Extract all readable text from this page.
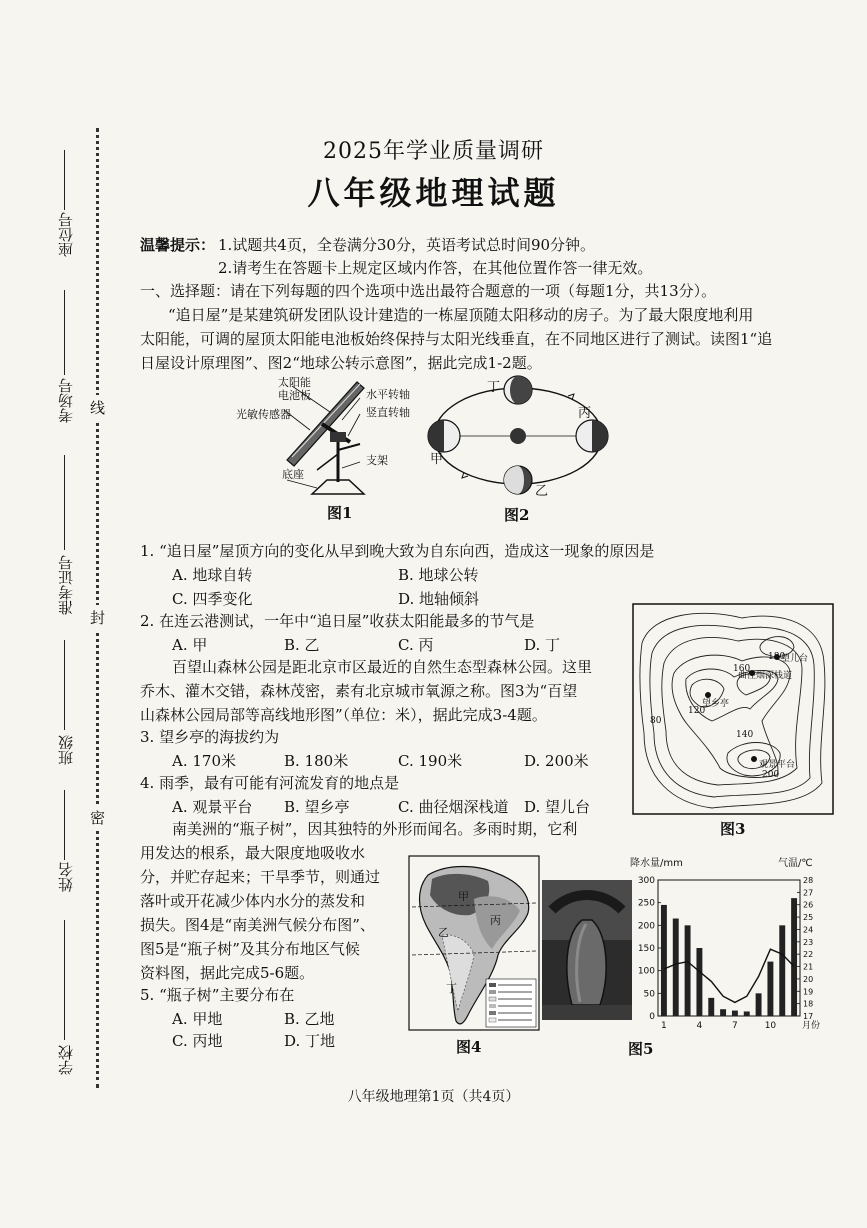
线
封
密
座位号
考场号
准考证号
班级
姓名
学校
2025年学业质量调研
八年级地理试题
温馨提示： 1.试题共4页，全卷满分30分，英语考试总时间90分钟。
2.请考生在答题卡上规定区域内作答，在其他位置作答一律无效。
一、选择题：请在下列每题的四个选项中选出最符合题意的一项（每题1分，共13分）。
“追日屋”是某建筑研发团队设计建造的一栋屋顶随太阳移动的房子。为了最大限度地利用
太阳能，可调的屋顶太阳能电池板始终保持与太阳光线垂直，在不同地区进行了测试。读图1“追
日屋设计原理图”、图2“地球公转示意图”，据此完成1-2题。
太阳能
电池板
光敏传感器
水平转轴
竖直转轴
支架
底座
图1
甲
乙
丙
丁
图2
1. “追日屋”屋顶方向的变化从早到晚大致为自东向西，造成这一现象的原因是
A. 地球自转	B. 地球公转
C. 四季变化	D. 地轴倾斜
2. 在连云港测试，一年中“追日屋”收获太阳能最多的节气是
A. 甲	B. 乙	C. 丙	D. 丁
百望山森林公园是距北京市区最近的自然生态型森林公园。这里
乔木、灌木交错，森林茂密，素有北京城市氧源之称。图3为“百望
山森林公园局部等高线地形图”（单位：米），据此完成3-4题。
3. 望乡亭的海拔约为
A. 170米	B. 180米	C. 190米	D. 200米
4. 雨季，最有可能有河流发育的地点是
A. 观景平台 B. 望乡亭	C. 曲径烟深栈道 D. 望儿台
望儿台
曲径烟深栈道
望乡亭
观景平台
120
140
160
180
200
80
图3
南美洲的“瓶子树”，因其独特的外形而闻名。多雨时期，它利
用发达的根系，最大限度地吸收水
分，并贮存起来；干旱季节，则通过
落叶或开花减少体内水分的蒸发和
损失。图4是“南美洲气候分布图”、
图5是“瓶子树”及其分布地区气候
资料图，据此完成5-6题。
5. “瓶子树”主要分布在
A. 甲地	B. 乙地
C. 丙地	D. 丁地
甲
乙
丙
丁
图4
降水量/mm	气温/℃
300
250
200
150
100
50
0
28
27
26
25
24
23
22
21
20
19
18
17
1	4	7	10	月份
图5
八年级地理第1页（共4页）
